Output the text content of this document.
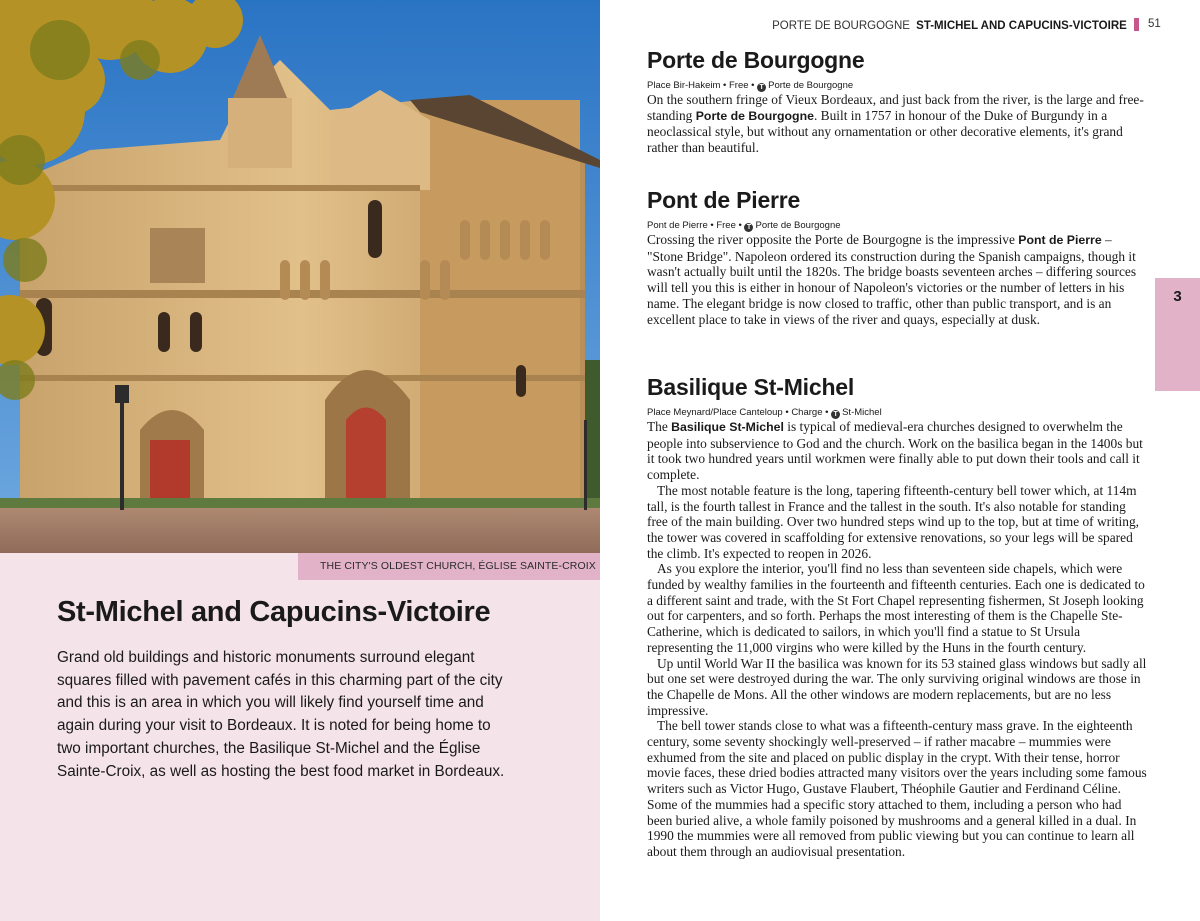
THE CITY'S OLDEST CHURCH, ÉGLISE SAINTE-CROIX
St-Michel and Capucins-Victoire

Grand old buildings and historic monuments surround elegant squares filled with pavement cafés in this charming part of the city and this is an area in which you will likely find yourself time and again during your visit to Bordeaux. It is noted for being home to two important churches, the Basilique St-Michel and the Église Sainte-Croix, as well as hosting the best food market in Bordeaux.

PORTE DE BOURGOGNE ST-MICHEL AND CAPUCINS-VICTOIRE	51
3
Porte de Bourgogne
Place Bir-Hakeim • Free • T Porte de Bourgogne

On the southern fringe of Vieux Bordeaux, and just back from the river, is the large and free-standing Porte de Bourgogne. Built in 1757 in honour of the Duke of Burgundy in a neoclassical style, but without any ornamentation or other decorative elements, it's grand rather than beautiful.

Pont de Pierre
Pont de Pierre • Free • T Porte de Bourgogne

Crossing the river opposite the Porte de Bourgogne is the impressive Pont de Pierre – "Stone Bridge". Napoleon ordered its construction during the Spanish campaigns, though it wasn't actually built until the 1820s. The bridge boasts seventeen arches – differing sources will tell you this is either in honour of Napoleon's victories or the number of letters in his name. The elegant bridge is now closed to traffic, other than public transport, and is an excellent place to take in views of the river and quays, especially at dusk.

Basilique St-Michel
Place Meynard/Place Canteloup • Charge • T St-Michel

The Basilique St-Michel is typical of medieval-era churches designed to overwhelm the people into subservience to God and the church. Work on the basilica began in the 1400s but it took two hundred years until workmen were finally able to put down their tools and call it complete.

The most notable feature is the long, tapering fifteenth-century bell tower which, at 114m tall, is the fourth tallest in France and the tallest in the south. It's also notable for standing free of the main building. Over two hundred steps wind up to the top, but at time of writing, the tower was covered in scaffolding for extensive renovations, so your legs will be spared the climb. It's expected to reopen in 2026.

As you explore the interior, you'll find no less than seventeen side chapels, which were funded by wealthy families in the fourteenth and fifteenth centuries. Each one is dedicated to a different saint and trade, with the St Fort Chapel representing fishermen, St Joseph looking out for carpenters, and so forth. Perhaps the most interesting of them is the Chapelle Ste-Catherine, which is dedicated to sailors, in which you'll find a statue to St Ursula representing the 11,000 virgins who were killed by the Huns in the fourth century.

Up until World War II the basilica was known for its 53 stained glass windows but sadly all but one set were destroyed during the war. The only surviving original windows are those in the Chapelle de Mons. All the other windows are modern replacements, but are no less impressive.

The bell tower stands close to what was a fifteenth-century mass grave. In the eighteenth century, some seventy shockingly well-preserved – if rather macabre – mummies were exhumed from the site and placed on public display in the crypt. With their tense, horror movie faces, these dried bodies attracted many visitors over the years including some famous writers such as Victor Hugo, Gustave Flaubert, Théophile Gautier and Ferdinand Céline. Some of the mummies had a specific story attached to them, including a person who had been buried alive, a whole family poisoned by mushrooms and a general killed in a dual. In 1990 the mummies were all removed from public viewing but you can continue to learn all about them through an audiovisual presentation.
